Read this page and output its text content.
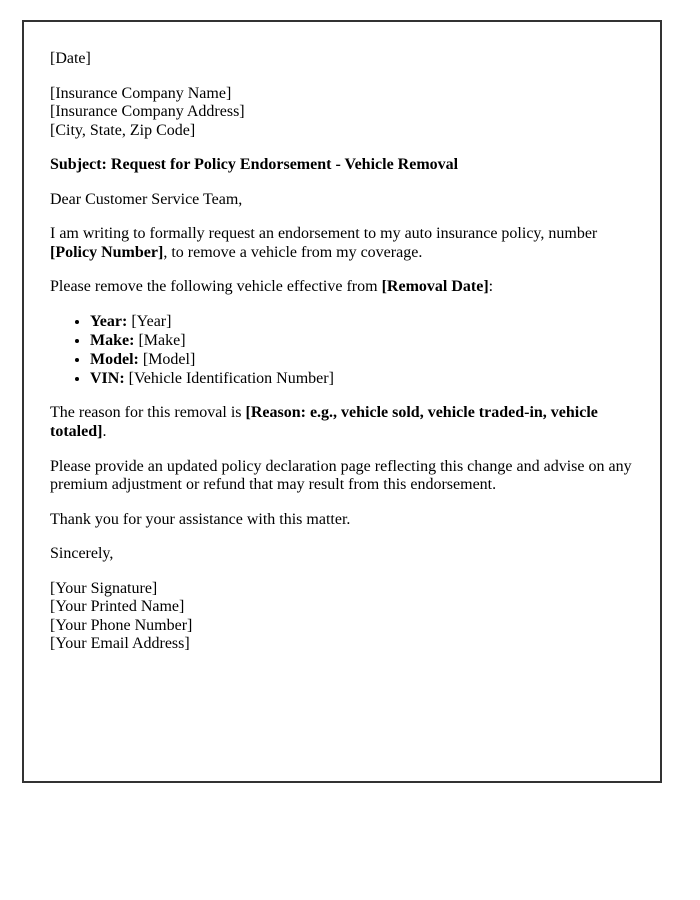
[Date]

[Insurance Company Name]
[Insurance Company Address]
[City, State, Zip Code]

Subject: Request for Policy Endorsement - Vehicle Removal

Dear Customer Service Team,

I am writing to formally request an endorsement to my auto insurance policy, number [Policy Number], to remove a vehicle from my coverage.

Please remove the following vehicle effective from [Removal Date]:

• Year: [Year]
• Make: [Make]
• Model: [Model]
• VIN: [Vehicle Identification Number]

The reason for this removal is [Reason: e.g., vehicle sold, vehicle traded-in, vehicle totaled].

Please provide an updated policy declaration page reflecting this change and advise on any premium adjustment or refund that may result from this endorsement.

Thank you for your assistance with this matter.

Sincerely,

[Your Signature]
[Your Printed Name]
[Your Phone Number]
[Your Email Address]
